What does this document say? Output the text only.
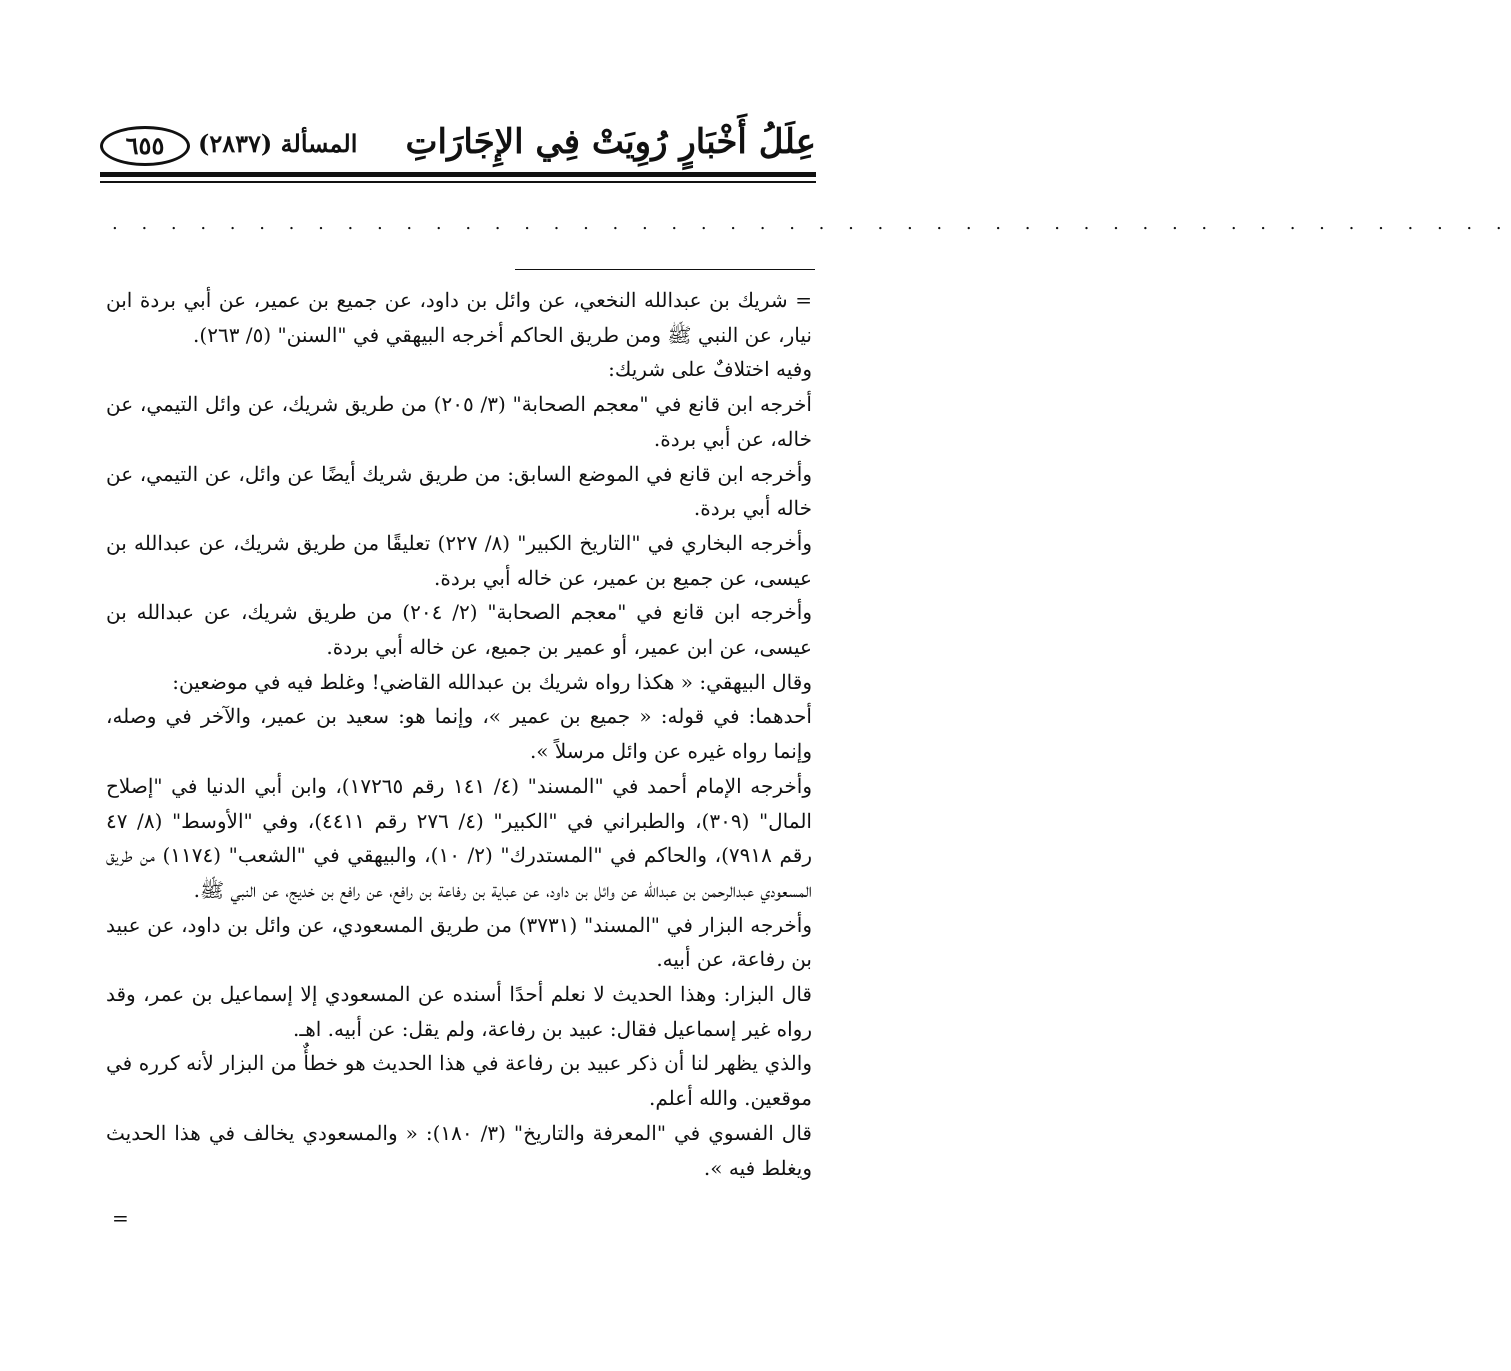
عِلَلُ أَخْبَارٍ رُوِيَتْ فِي الإِجَارَاتِ
المسألة (٢٨٣٧)
٦٥٥
. . . . . . . . . . . . . . . . . . . . . . . . . . . . . . . . . . . . . . . . . . . . . . . .

= شريك بن عبدالله النخعي، عن وائل بن داود، عن جميع بن عمير، عن أبي بردة ابن نيار، عن النبي ﷺ ومن طريق الحاكم أخرجه البيهقي في "السنن" (٥/ ٢٦٣).

وفيه اختلافٌ على شريك:

أخرجه ابن قانع في "معجم الصحابة" (٣/ ٢٠٥) من طريق شريك، عن وائل التيمي، عن خاله، عن أبي بردة.

وأخرجه ابن قانع في الموضع السابق: من طريق شريك أيضًا عن وائل، عن التيمي، عن خاله أبي بردة.

وأخرجه البخاري في "التاريخ الكبير" (٨/ ٢٢٧) تعليقًا من طريق شريك، عن عبدالله بن عيسى، عن جميع بن عمير، عن خاله أبي بردة.

وأخرجه ابن قانع في "معجم الصحابة" (٢/ ٢٠٤) من طريق شريك، عن عبدالله بن عيسى، عن ابن عمير، أو عمير بن جميع، عن خاله أبي بردة.

وقال البيهقي: « هكذا رواه شريك بن عبدالله القاضي! وغلط فيه في موضعين:

أحدهما: في قوله: « جميع بن عمير »، وإنما هو: سعيد بن عمير، والآخر في وصله، وإنما رواه غيره عن وائل مرسلاً ».

وأخرجه الإمام أحمد في "المسند" (٤/ ١٤١ رقم ١٧٢٦٥)، وابن أبي الدنيا في "إصلاح المال" (٣٠٩)، والطبراني في "الكبير" (٤/ ٢٧٦ رقم ٤٤١١)، وفي "الأوسط" (٨/ ٤٧ رقم ٧٩١٨)، والحاكم في "المستدرك" (٢/ ١٠)، والبيهقي في "الشعب" (١١٧٤) من طريق المسعودي عبدالرحمن بن عبدالله عن وائل بن داود، عن عباية بن رفاعة بن رافع، عن رافع بن خديج، عن النبي ﷺ.

وأخرجه البزار في "المسند" (٣٧٣١) من طريق المسعودي، عن وائل بن داود، عن عبيد بن رفاعة، عن أبيه.

قال البزار: وهذا الحديث لا نعلم أحدًا أسنده عن المسعودي إلا إسماعيل بن عمر، وقد رواه غير إسماعيل فقال: عبيد بن رفاعة، ولم يقل: عن أبيه. اهـ.

والذي يظهر لنا أن ذكر عبيد بن رفاعة في هذا الحديث هو خطأٌ من البزار لأنه كرره في موقعين. والله أعلم.

قال الفسوي في "المعرفة والتاريخ" (٣/ ١٨٠): « والمسعودي يخالف في هذا الحديث ويغلط فيه ».

=
